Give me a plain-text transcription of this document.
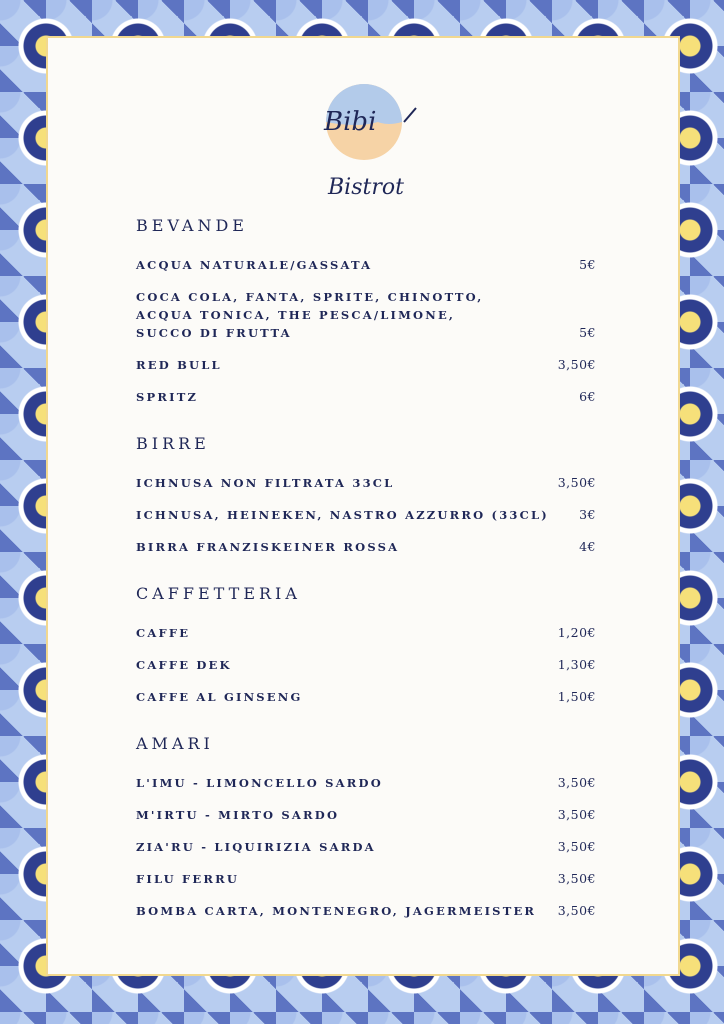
Bibi
Bistrot
BEVANDE
ACQUA NATURALE/GASSATA	5€
COCA COLA, FANTA, SPRITE, CHINOTTO,
ACQUA TONICA, THE PESCA/LIMONE,
SUCCO DI FRUTTA	5€
RED BULL	3,50€
SPRITZ	6€
BIRRE
ICHNUSA NON FILTRATA 33CL	3,50€
ICHNUSA, HEINEKEN, NASTRO AZZURRO (33CL) 3€
BIRRA FRANZISKEINER ROSSA	4€
CAFFETTERIA
CAFFE	1,20€
CAFFE DEK	1,30€
CAFFE AL GINSENG	1,50€
AMARI
L'IMU - LIMONCELLO SARDO	3,50€
M'IRTU - MIRTO SARDO	3,50€
ZIA'RU - LIQUIRIZIA SARDA	3,50€
FILU FERRU	3,50€
BOMBA CARTA, MONTENEGRO, JAGERMEISTER 3,50€
